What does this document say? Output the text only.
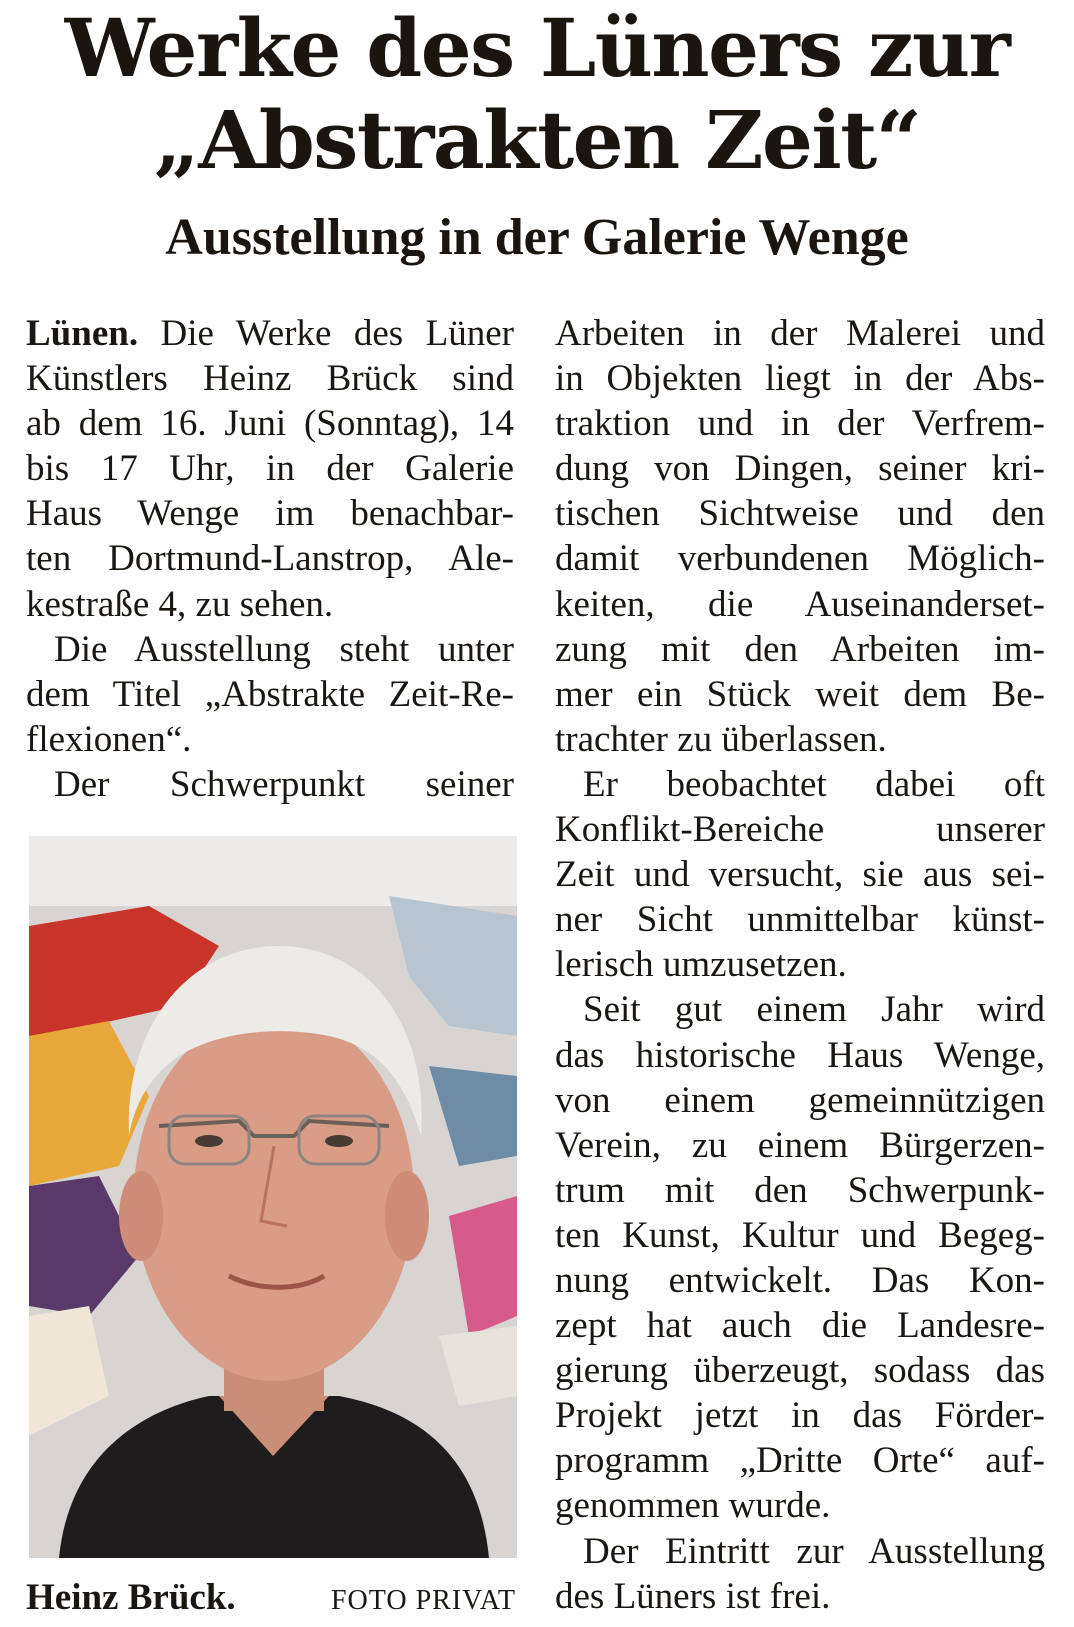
Werke des Lüners zur
„Abstrakten Zeit“
Ausstellung in der Galerie Wenge
Lünen. Die Werke des Lüner
Künstlers Heinz Brück sind
ab dem 16. Juni (Sonntag), 14
bis 17 Uhr, in der Galerie
Haus Wenge im benachbar-
ten Dortmund-Lanstrop, Ale-
kestraße 4, zu sehen.
Die Ausstellung steht unter
dem Titel „Abstrakte Zeit-Re-
flexionen“.
Der Schwerpunkt seiner
Arbeiten in der Malerei und
in Objekten liegt in der Abs-
traktion und in der Verfrem-
dung von Dingen, seiner kri-
tischen Sichtweise und den
damit verbundenen Möglich-
keiten, die Auseinanderset-
zung mit den Arbeiten im-
mer ein Stück weit dem Be-
trachter zu überlassen.
Er beobachtet dabei oft
Konflikt-Bereiche unserer
Zeit und versucht, sie aus sei-
ner Sicht unmittelbar künst-
lerisch umzusetzen.
Seit gut einem Jahr wird
das historische Haus Wenge,
von einem gemeinnützigen
Verein, zu einem Bürgerzen-
trum mit den Schwerpunk-
ten Kunst, Kultur und Begeg-
nung entwickelt. Das Kon-
zept hat auch die Landesre-
gierung überzeugt, sodass das
Projekt jetzt in das Förder-
programm „Dritte Orte“ auf-
genommen wurde.
Der Eintritt zur Ausstellung
des Lüners ist frei.
Heinz Brück.	FOTO PRIVAT
